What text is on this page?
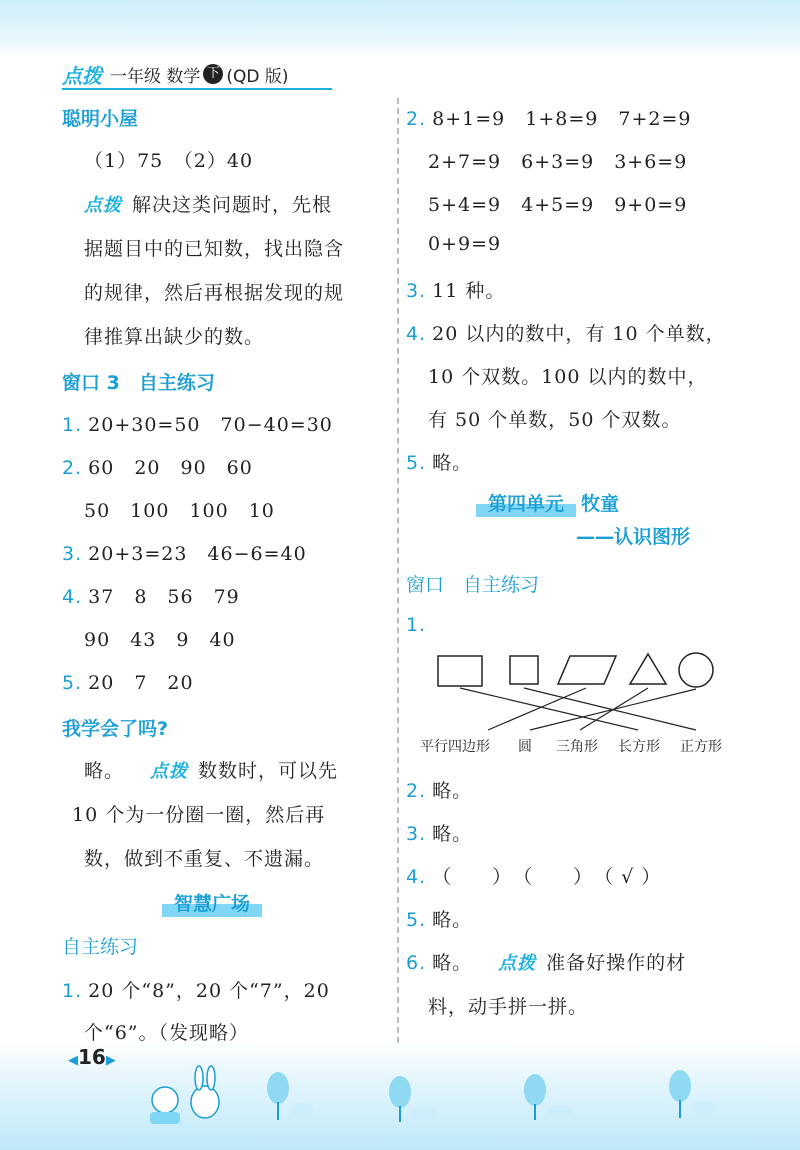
点拨 一年级 数学 下 (QD 版)
聪明小屋
（1）75　（2）40
点拨 解决这类问题时，先根
据题目中的已知数，找出隐含
的规律，然后再根据发现的规
律推算出缺少的数。
窗口 3　自主练习
1. 20+30=50　70−40=30
2. 60　20　90　60
50　100　100　10
3. 20+3=23　46−6=40
4. 37　8　56　79
90　43　9　40
5. 20　7　20
我学会了吗?
略。 点拨 数数时，可以先
10 个为一份圈一圈，然后再
数，做到不重复、不遗漏。
智慧广场
自主练习
1. 20 个“8”，20 个“7”，20
个“6”。（发现略）
2. 8+1=9　1+8=9　7+2=9
2+7=9　6+3=9　3+6=9
5+4=9　4+5=9　9+0=9
0+9=9
3. 11 种。
4. 20 以内的数中，有 10 个单数，
10 个双数。100 以内的数中，
有 50 个单数，50 个双数。
5. 略。
第四单元 牧童
——认识图形
窗口　自主练习
1.
平行四边形 圆 三角形 长方形 正方形
2. 略。
3. 略。
4. （　　）　（　　）　（ √ ）
5. 略。
6. 略。 点拨 准备好操作的材
料，动手拼一拼。
◀16▶
